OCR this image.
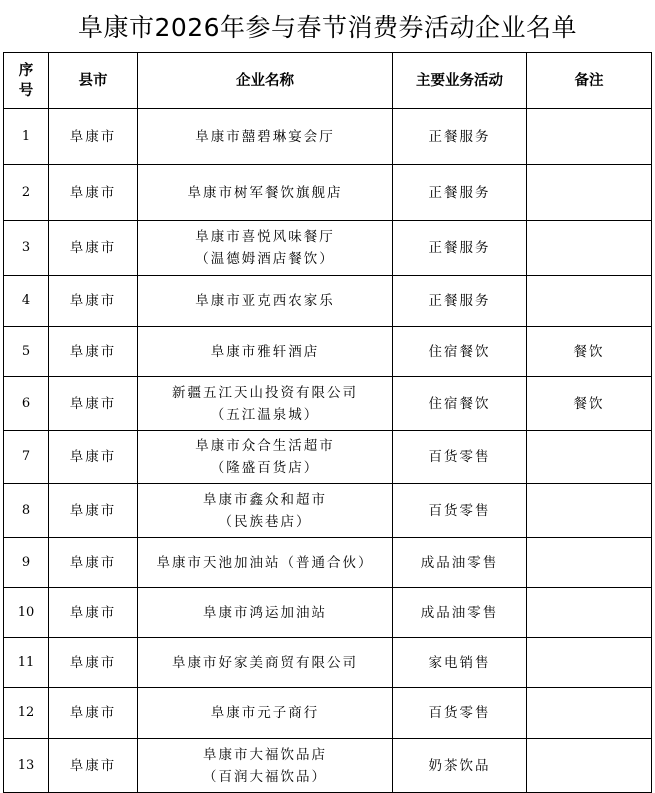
阜康市2026年参与春节消费券活动企业名单
序
号	县市	企业名称	主要业务活动	备注
1	阜康市	阜康市囍碧琳宴会厅	正餐服务	
2	阜康市	阜康市树军餐饮旗舰店	正餐服务	
3	阜康市	阜康市喜悦风味餐厅
（温德姆酒店餐饮）	正餐服务	
4	阜康市	阜康市亚克西农家乐	正餐服务	
5	阜康市	阜康市雅轩酒店	住宿餐饮	餐饮
6	阜康市	新疆五江天山投资有限公司
（五江温泉城）	住宿餐饮	餐饮
7	阜康市	阜康市众合生活超市
（隆盛百货店）	百货零售	
8	阜康市	阜康市鑫众和超市
（民族巷店）	百货零售	
9	阜康市	阜康市天池加油站（普通合伙）	成品油零售	
10	阜康市	阜康市鸿运加油站	成品油零售	
11	阜康市	阜康市好家美商贸有限公司	家电销售	
12	阜康市	阜康市元子商行	百货零售	
13	阜康市	阜康市大福饮品店
（百润大福饮品）	奶茶饮品	
